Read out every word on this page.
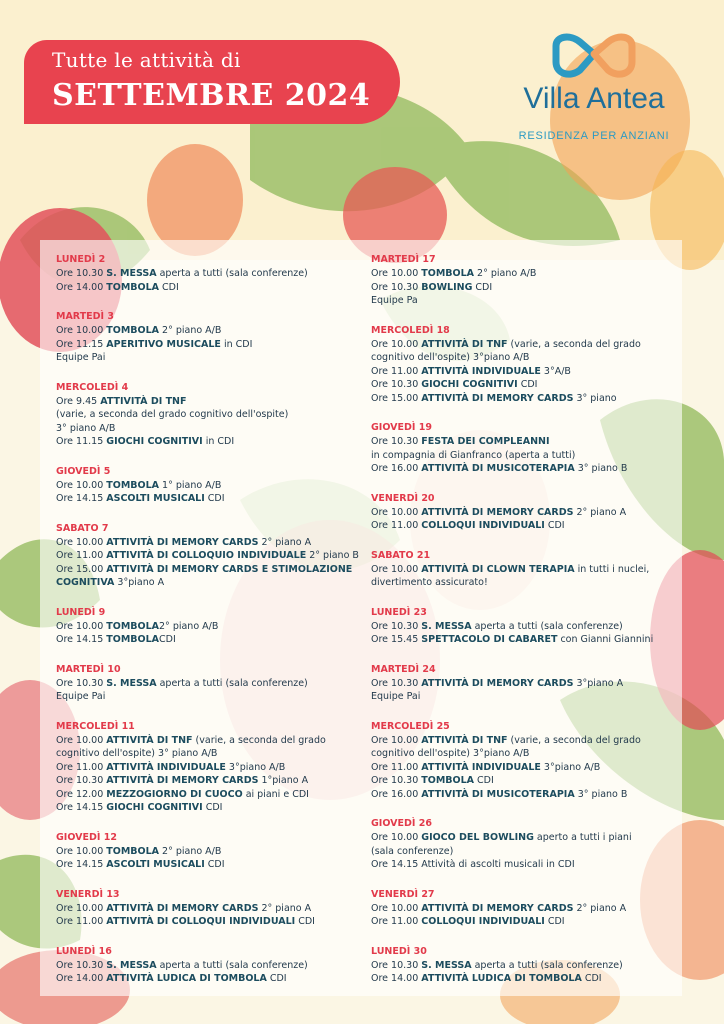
Tutte le attività di
SETTEMBRE 2024	Villa Antea
RESIDENZA PER ANZIANI
LUNEDÌ 2
Ore 10.30 S. MESSA aperta a tutti (sala conferenze)
Ore 14.00 TOMBOLA CDI
MARTEDÌ 3
Ore 10.00 TOMBOLA 2° piano A/B
Ore 11.15 APERITIVO MUSICALE in CDI
Equipe Pai
MERCOLEDÌ 4
Ore 9.45 ATTIVITÀ DI TNF
(varie, a seconda del grado cognitivo dell'ospite)
3° piano A/B
Ore 11.15 GIOCHI COGNITIVI in CDI
GIOVEDÌ 5
Ore 10.00 TOMBOLA 1° piano A/B
Ore 14.15 ASCOLTI MUSICALI CDI
SABATO 7
Ore 10.00 ATTIVITÀ DI MEMORY CARDS 2° piano A
Ore 11.00 ATTIVITÀ DI COLLOQUIO INDIVIDUALE 2° piano B
Ore 15.00 ATTIVITÀ DI MEMORY CARDS E STIMOLAZIONE
COGNITIVA 3°piano A
LUNEDÌ 9
Ore 10.00 TOMBOLA2° piano A/B
Ore 14.15 TOMBOLACDI
MARTEDÌ 10
Ore 10.30 S. MESSA aperta a tutti (sala conferenze)
Equipe Pai
MERCOLEDÌ 11
Ore 10.00 ATTIVITÀ DI TNF (varie, a seconda del grado
cognitivo dell'ospite) 3° piano A/B
Ore 11.00 ATTIVITÀ INDIVIDUALE 3°piano A/B
Ore 10.30 ATTIVITÀ DI MEMORY CARDS 1°piano A
Ore 12.00 MEZZOGIORNO DI CUOCO ai piani e CDI
Ore 14.15 GIOCHI COGNITIVI CDI
GIOVEDÌ 12
Ore 10.00 TOMBOLA 2° piano A/B
Ore 14.15 ASCOLTI MUSICALI CDI
VENERDÌ 13
Ore 10.00 ATTIVITÀ DI MEMORY CARDS 2° piano A
Ore 11.00 ATTIVITÀ DI COLLOQUI INDIVIDUALI CDI
LUNEDÌ 16
Ore 10.30 S. MESSA aperta a tutti (sala conferenze)
Ore 14.00 ATTIVITÀ LUDICA DI TOMBOLA CDI
MARTEDÌ 17
Ore 10.00 TOMBOLA 2° piano A/B
Ore 10.30 BOWLING CDI
Equipe Pa
MERCOLEDÌ 18
Ore 10.00 ATTIVITÀ DI TNF (varie, a seconda del grado
cognitivo dell'ospite) 3°piano A/B
Ore 11.00 ATTIVITÀ INDIVIDUALE 3°A/B
Ore 10.30 GIOCHI COGNITIVI CDI
Ore 15.00 ATTIVITÀ DI MEMORY CARDS 3° piano
GIOVEDÌ 19
Ore 10.30 FESTA DEI COMPLEANNI
in compagnia di Gianfranco (aperta a tutti)
Ore 16.00 ATTIVITÀ DI MUSICOTERAPIA 3° piano B
VENERDÌ 20
Ore 10.00 ATTIVITÀ DI MEMORY CARDS 2° piano A
Ore 11.00 COLLOQUI INDIVIDUALI CDI
SABATO 21
Ore 10.00 ATTIVITÀ DI CLOWN TERAPIA in tutti i nuclei,
divertimento assicurato!
LUNEDÌ 23
Ore 10.30 S. MESSA aperta a tutti (sala conferenze)
Ore 15.45 SPETTACOLO DI CABARET con Gianni Giannini
MARTEDÌ 24
Ore 10.30 ATTIVITÀ DI MEMORY CARDS 3°piano A
Equipe Pai
MERCOLEDÌ 25
Ore 10.00 ATTIVITÀ DI TNF (varie, a seconda del grado
cognitivo dell'ospite) 3°piano A/B
Ore 11.00 ATTIVITÀ INDIVIDUALE 3°piano A/B
Ore 10.30 TOMBOLA CDI
Ore 16.00 ATTIVITÀ DI MUSICOTERAPIA 3° piano B
GIOVEDÌ 26
Ore 10.00 GIOCO DEL BOWLING aperto a tutti i piani
(sala conferenze)
Ore 14.15 Attività di ascolti musicali in CDI
VENERDÌ 27
Ore 10.00 ATTIVITÀ DI MEMORY CARDS 2° piano A
Ore 11.00 COLLOQUI INDIVIDUALI CDI
LUNEDÌ 30
Ore 10.30 S. MESSA aperta a tutti (sala conferenze)
Ore 14.00 ATTIVITÀ LUDICA DI TOMBOLA CDI
